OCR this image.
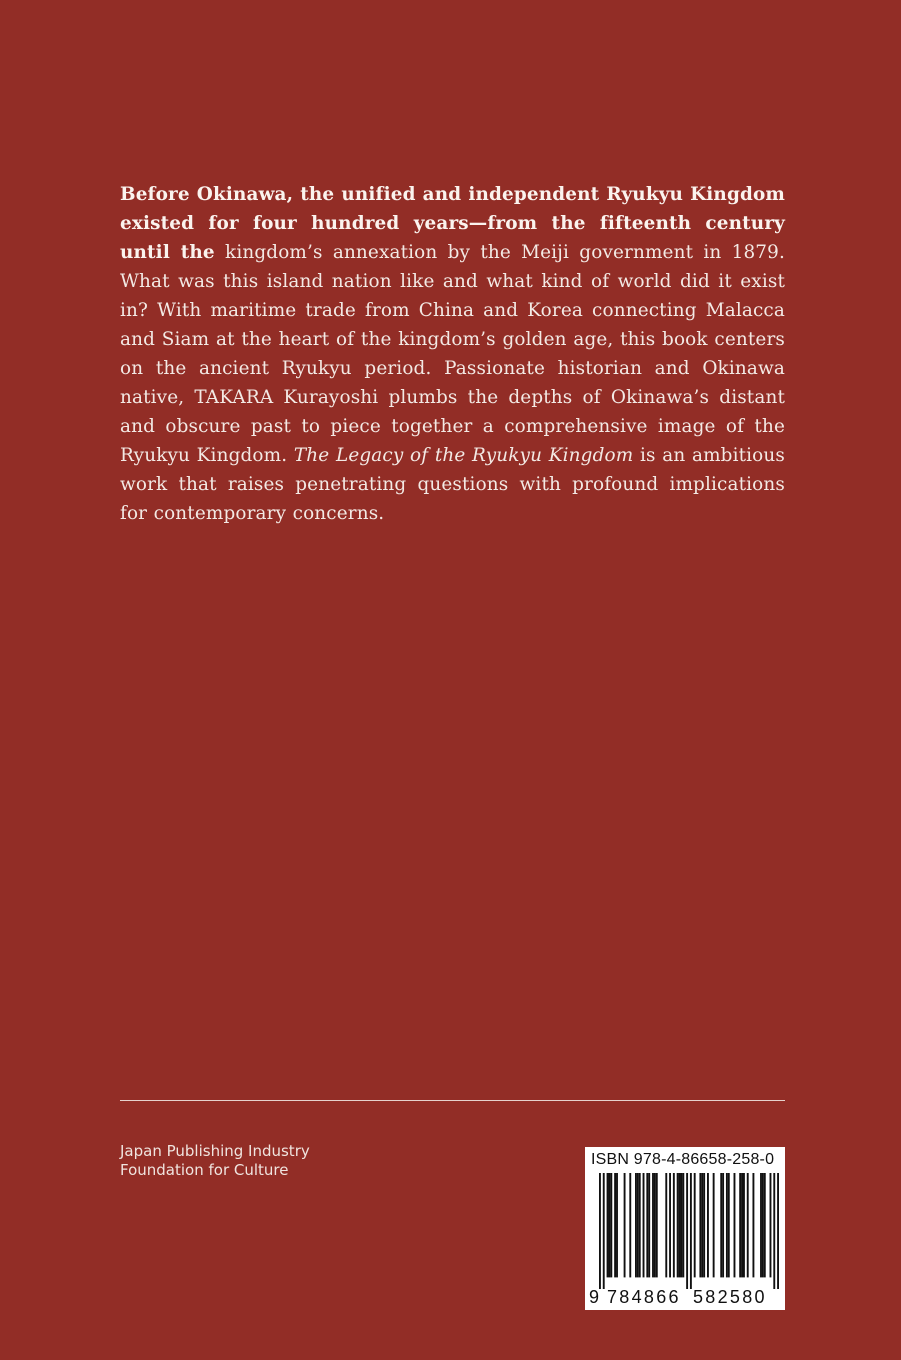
Before Okinawa, the unified and independent Ryukyu Kingdom existed for four hundred years—from the fifteenth century until the kingdom’s annexation by the Meiji government in 1879. What was this island nation like and what kind of world did it exist in? With maritime trade from China and Korea connecting Malacca and Siam at the heart of the kingdom’s golden age, this book centers on the ancient Ryukyu period. Passionate historian and Okinawa native, TAKARA Kurayoshi plumbs the depths of Okinawa’s distant and obscure past to piece together a comprehensive image of the Ryukyu Kingdom. The Legacy of the Ryukyu Kingdom is an ambitious work that raises penetrating questions with profound implications for contemporary concerns.
Japan Publishing Industry
Foundation for Culture
ISBN 978-4-86658-258-0
9 784866 582580
